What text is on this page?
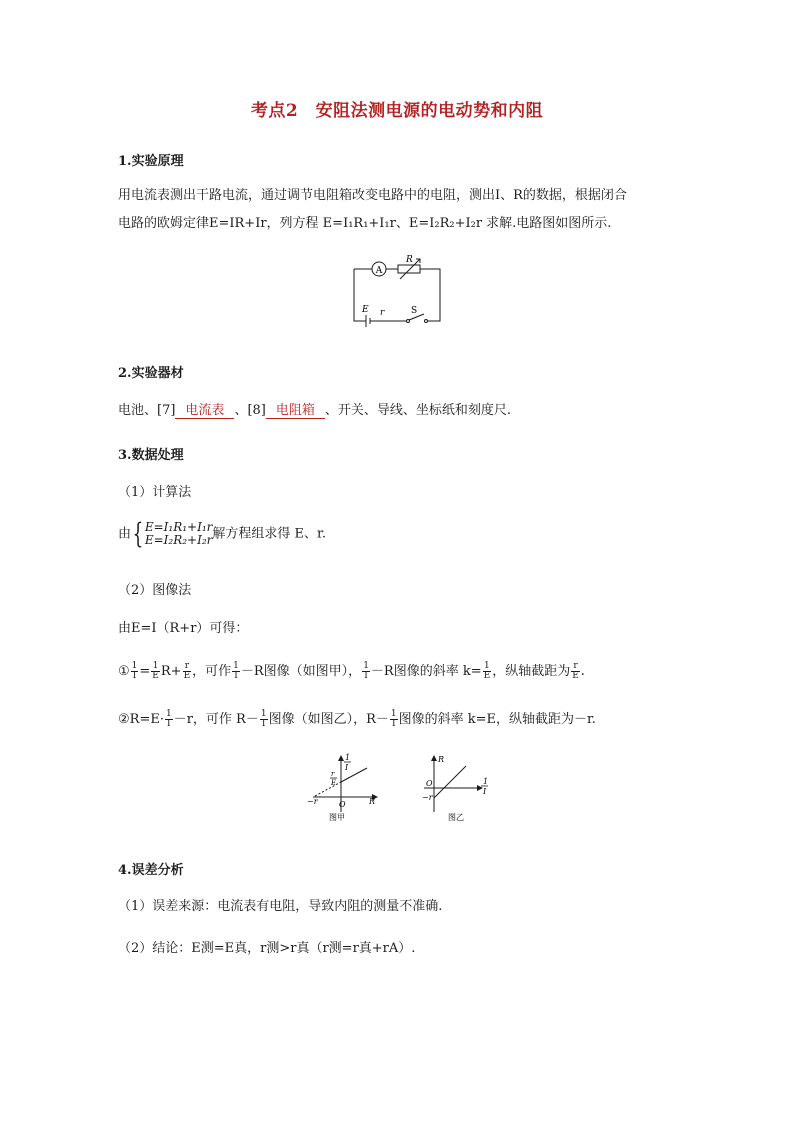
考点2　安阻法测电源的电动势和内阻
1.实验原理
用电流表测出干路电流，通过调节电阻箱改变电路中的电阻，测出I、R的数据，根据闭合
电路的欧姆定律E=IR+Ir，列方程 E=I₁R₁+I₁r、E=I₂R₂+I₂r 求解.电路图如图所示.
A
R
E r	S
2.实验器材
电池、[7] 电流表 、[8] 电阻箱 、开关、导线、坐标纸和刻度尺.
3.数据处理
（1）计算法
由{ E=I₁R₁+I₁r
E=I₂R₂+I₂r 解方程组求得 E、r.
（2）图像法
由E=I（R+r）可得：
① $\frac{1}{I} = \frac{1}{E} R+ \frac{r}{E}$ ，可作 $\frac{1}{I} -R$图像（如图甲）， $\frac{1}{I} -R$图像的斜率 $k= \frac{1}{E}$ ，纵轴截距为 $\frac{r}{E}$ .
②R=E· $\frac{1}{I} -r$，可作 $R- \frac{1}{I}$ 图像（如图乙），$R- \frac{1}{I}$ 图像的斜率 k=E，纵轴截距为－r.
1
I
r
E
−r	O	R
图甲
R
1
I
O
−r
图乙
4.误差分析
（1）误差来源：电流表有电阻，导致内阻的测量不准确.
（2）结论：E测=E真，r测>r真（r测=r真+rA）.
